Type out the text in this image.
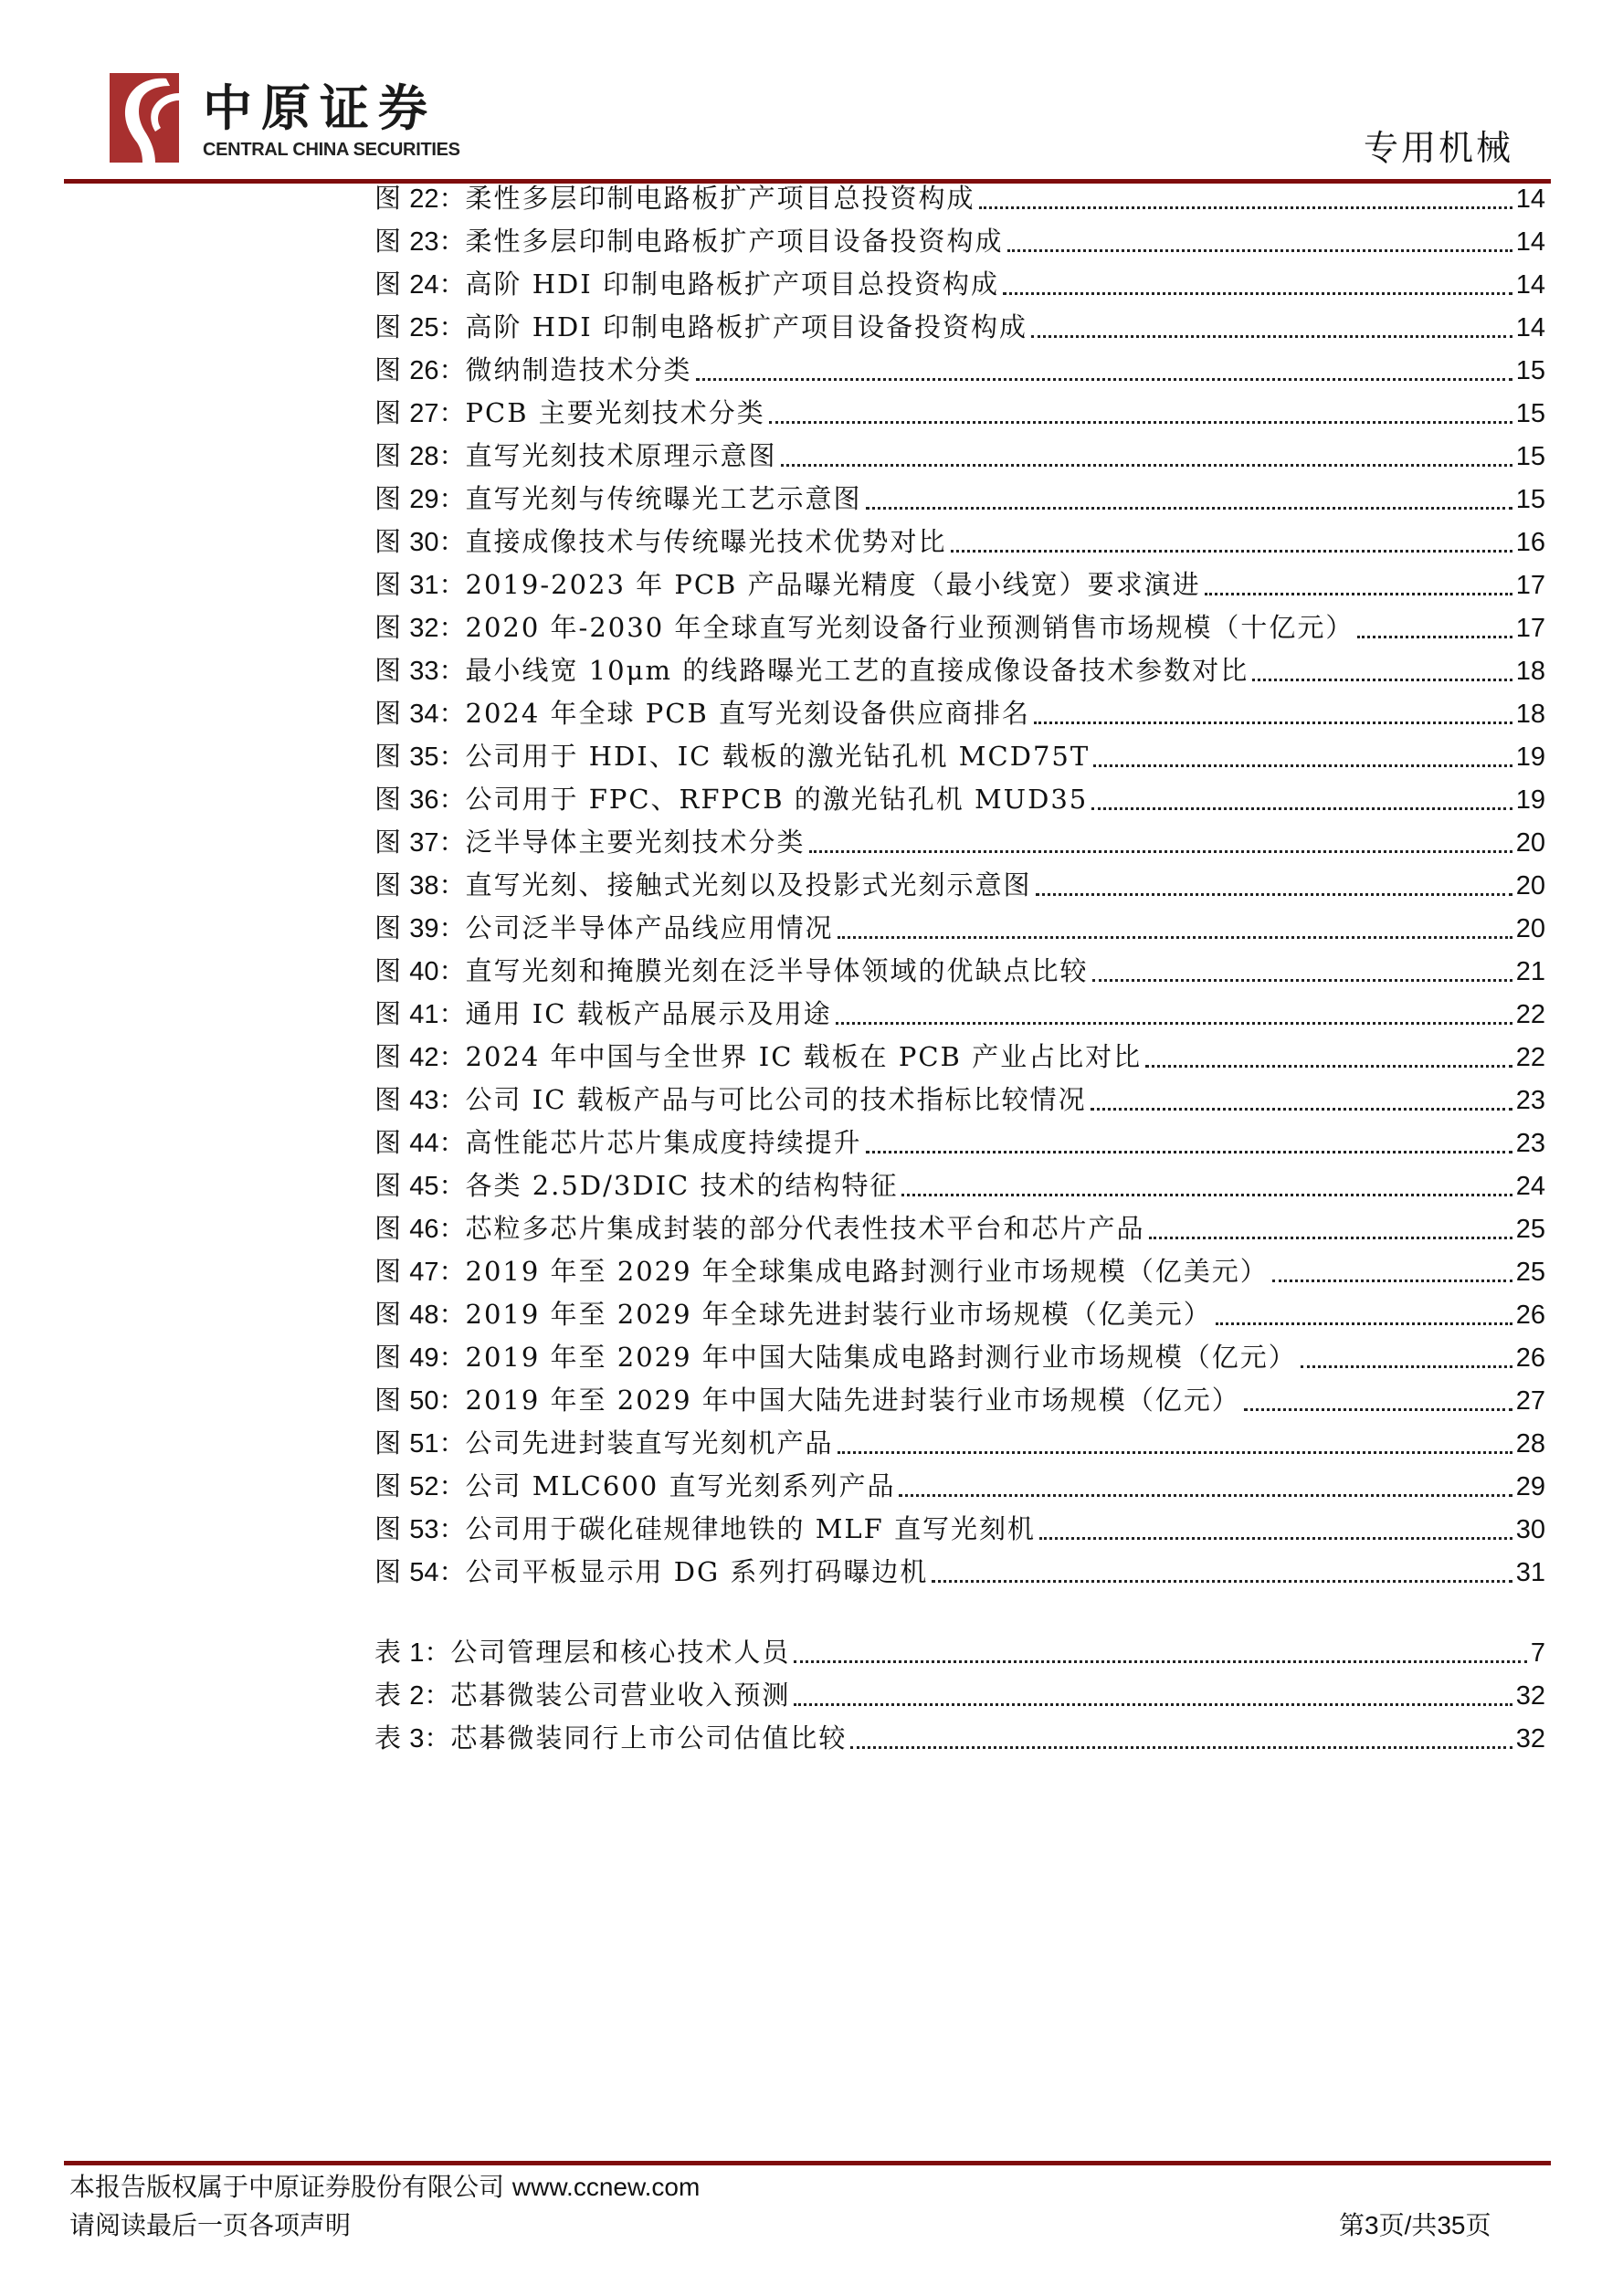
中原证券
CENTRAL CHINA SECURITIES	专用机械
图 22：柔性多层印制电路板扩产项目总投资构成	14
图 23：柔性多层印制电路板扩产项目设备投资构成	14
图 24：高阶 HDI 印制电路板扩产项目总投资构成	14
图 25：高阶 HDI 印制电路板扩产项目设备投资构成	14
图 26：微纳制造技术分类	15
图 27：PCB 主要光刻技术分类	15
图 28：直写光刻技术原理示意图	15
图 29：直写光刻与传统曝光工艺示意图	15
图 30：直接成像技术与传统曝光技术优势对比	16
图 31：2019-2023 年 PCB 产品曝光精度（最小线宽）要求演进	17
图 32：2020 年-2030 年全球直写光刻设备行业预测销售市场规模（十亿元）	17
图 33：最小线宽 10μm 的线路曝光工艺的直接成像设备技术参数对比	18
图 34：2024 年全球 PCB 直写光刻设备供应商排名	18
图 35：公司用于 HDI、IC 载板的激光钻孔机 MCD75T	19
图 36：公司用于 FPC、RFPCB 的激光钻孔机 MUD35	19
图 37：泛半导体主要光刻技术分类	20
图 38：直写光刻、接触式光刻以及投影式光刻示意图	20
图 39：公司泛半导体产品线应用情况	20
图 40：直写光刻和掩膜光刻在泛半导体领域的优缺点比较	21
图 41：通用 IC 载板产品展示及用途	22
图 42：2024 年中国与全世界 IC 载板在 PCB 产业占比对比	22
图 43：公司 IC 载板产品与可比公司的技术指标比较情况	23
图 44：高性能芯片芯片集成度持续提升	23
图 45：各类 2.5D/3DIC 技术的结构特征	24
图 46：芯粒多芯片集成封装的部分代表性技术平台和芯片产品	25
图 47：2019 年至 2029 年全球集成电路封测行业市场规模（亿美元）	25
图 48：2019 年至 2029 年全球先进封装行业市场规模（亿美元）	26
图 49：2019 年至 2029 年中国大陆集成电路封测行业市场规模（亿元）	26
图 50：2019 年至 2029 年中国大陆先进封装行业市场规模（亿元）	27
图 51：公司先进封装直写光刻机产品	28
图 52：公司 MLC600 直写光刻系列产品	29
图 53：公司用于碳化硅规律地铁的 MLF 直写光刻机	30
图 54：公司平板显示用 DG 系列打码曝边机	31
表 1：公司管理层和核心技术人员	7
表 2：芯碁微装公司营业收入预测	32
表 3：芯碁微装同行上市公司估值比较	32
本报告版权属于中原证券股份有限公司 www.ccnew.com
请阅读最后一页各项声明	第3页/共35页
